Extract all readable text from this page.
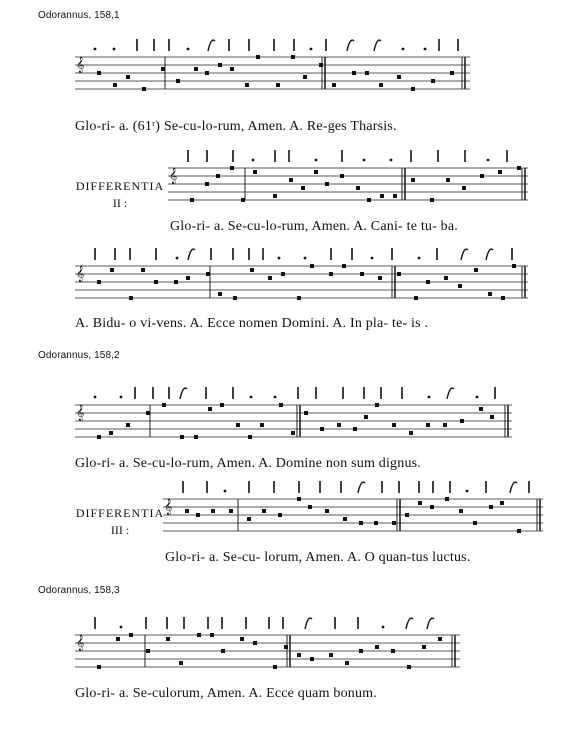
Odorannus, 158,1
Odorannus, 158,2
Odorannus, 158,3
DIFFERENTIA
II :
DIFFERENTIA
III :
𝄞
𝄞
𝄞
𝄞
𝄞
𝄞
Glo-ri- a. (61ʳ) Se-cu-lo-rum, Amen. A. Re-ges Tharsis.
Glo-ri- a. Se-cu-lo-rum, Amen. A. Cani- te tu- ba.
A. Bidu- o vi-vens. A. Ecce nomen Domini. A. In pla- te- is .
Glo-ri- a. Se-cu-lo-rum, Amen. A. Domine non sum dignus.
Glo-ri- a. Se-cu- lorum, Amen. A. O quan-tus luctus.
Glo-ri- a. Se-culorum, Amen. A. Ecce quam bonum.
